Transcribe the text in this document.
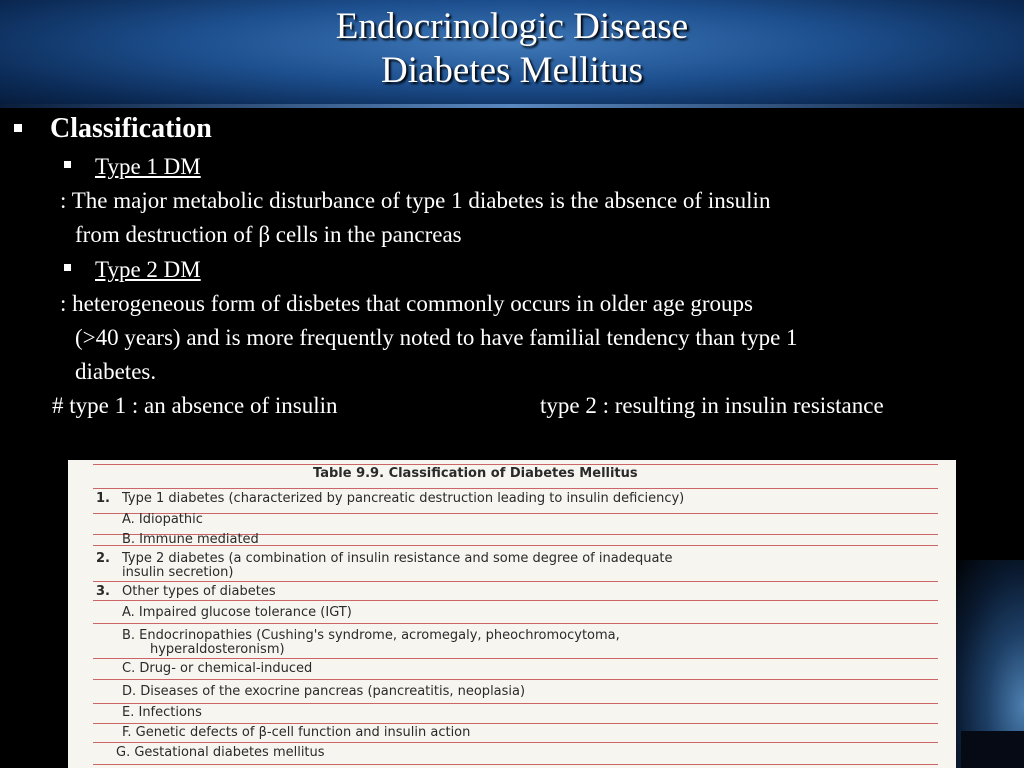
Endocrinologic Disease
Diabetes Mellitus
Classification
Type 1 DM
: The major metabolic disturbance of type 1 diabetes is the absence of insulin
from destruction of β cells in the pancreas
Type 2 DM
: heterogeneous form of disbetes that commonly occurs in older age groups
(>40 years) and is more frequently noted to have familial tendency than type 1
diabetes.
# type 1 : an absence of insulin	type 2 : resulting in insulin resistance
Table 9.9. Classification of Diabetes Mellitus
1. Type 1 diabetes (characterized by pancreatic destruction leading to insulin deficiency)
A. Idiopathic
B. Immune mediated
2. Type 2 diabetes (a combination of insulin resistance and some degree of inadequate
insulin secretion)
3. Other types of diabetes
A. Impaired glucose tolerance (IGT)
B. Endocrinopathies (Cushing's syndrome, acromegaly, pheochromocytoma,
hyperaldosteronism)
C. Drug- or chemical-induced
D. Diseases of the exocrine pancreas (pancreatitis, neoplasia)
E. Infections
F. Genetic defects of β-cell function and insulin action
G. Gestational diabetes mellitus
